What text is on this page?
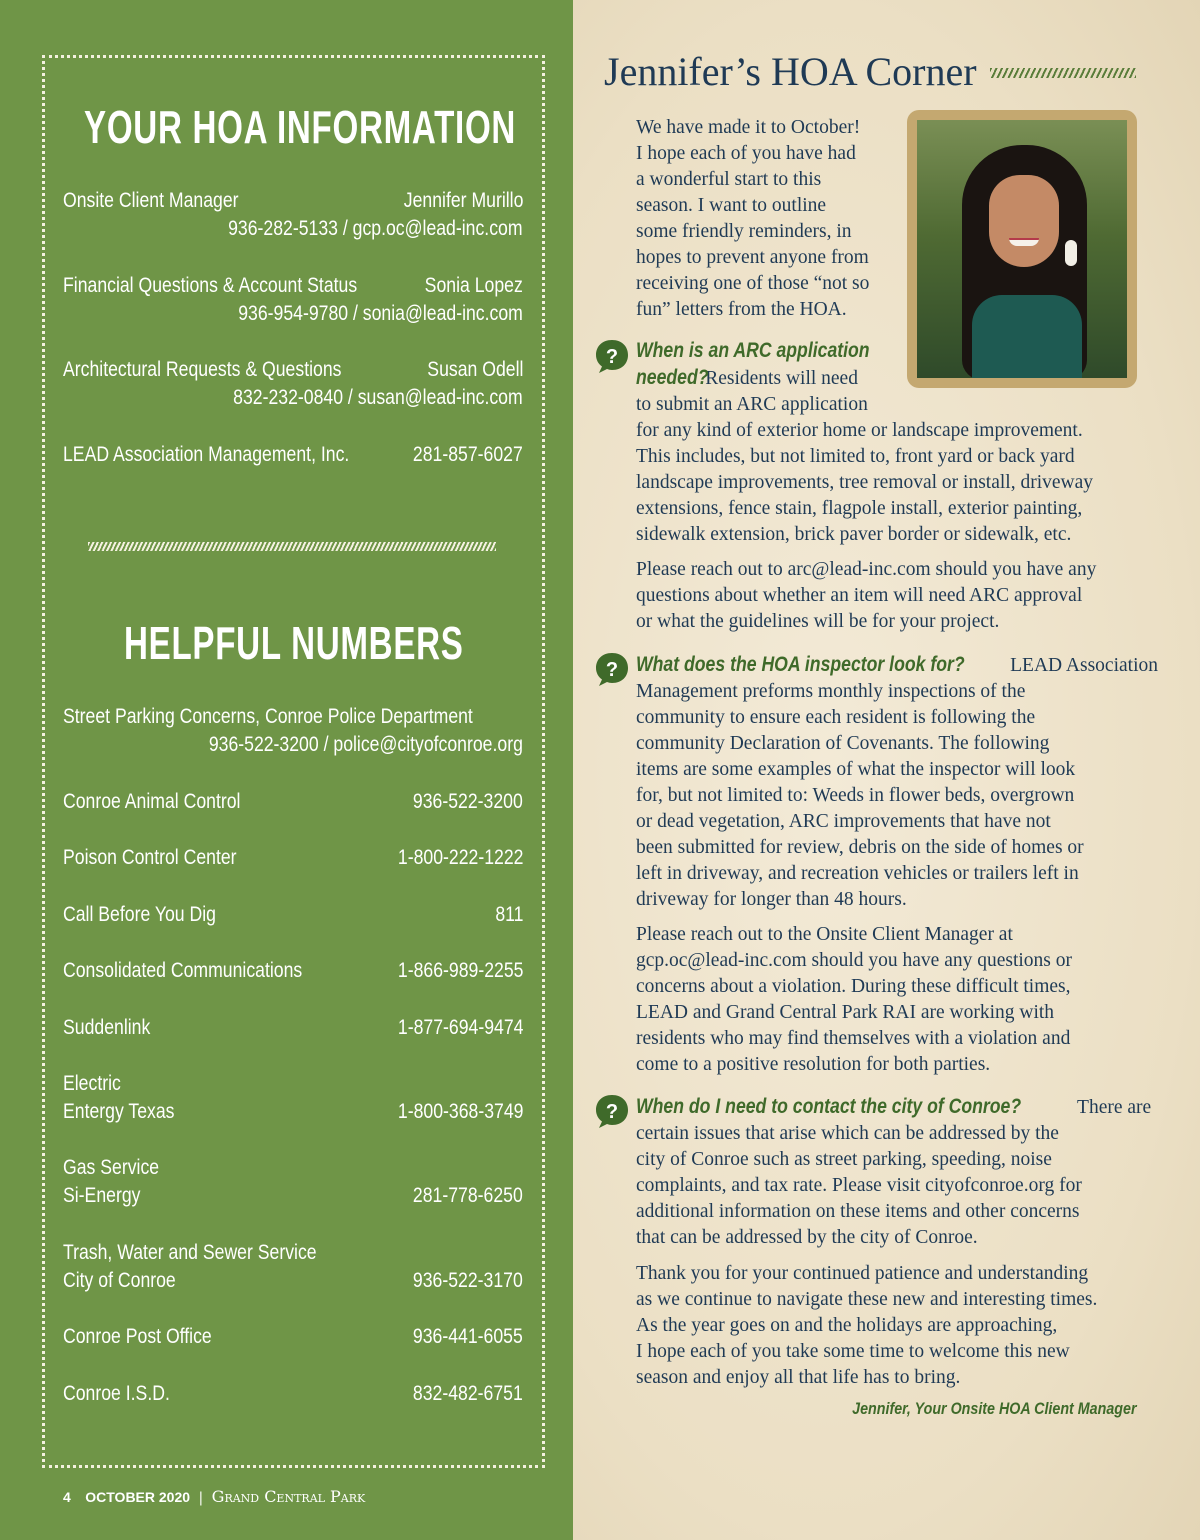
YOUR HOA INFORMATION
Onsite Client Manager	Jennifer Murillo
936-282-5133 / gcp.oc@lead-inc.com
Financial Questions & Account Status	Sonia Lopez
936-954-9780 / sonia@lead-inc.com
Architectural Requests & Questions	Susan Odell
832-232-0840 / susan@lead-inc.com
LEAD Association Management, Inc.	281-857-6027
HELPFUL NUMBERS
Street Parking Concerns, Conroe Police Department
936-522-3200 / police@cityofconroe.org
Conroe Animal Control	936-522-3200
Poison Control Center	1-800-222-1222
Call Before You Dig	811
Consolidated Communications	1-866-989-2255
Suddenlink	1-877-694-9474
Electric
Entergy Texas	1-800-368-3749
Gas Service
Si-Energy	281-778-6250
Trash, Water and Sewer Service
City of Conroe	936-522-3170
Conroe Post Office	936-441-6055
Conroe I.S.D.	832-482-6751
4 OCTOBER 2020 | Grand Central Park
Jennifer’s HOA Corner
We have made it to October!
I hope each of you have had
a wonderful start to this
season. I want to outline
some friendly reminders, in
hopes to prevent anyone from
receiving one of those “not so
fun” letters from the HOA.
? When is an ARC application
needed? Residents will need
to submit an ARC application
for any kind of exterior home or landscape improvement.
This includes, but not limited to, front yard or back yard
landscape improvements, tree removal or install, driveway
extensions, fence stain, flagpole install, exterior painting,
sidewalk extension, brick paver border or sidewalk, etc.
Please reach out to arc@lead-inc.com should you have any
questions about whether an item will need ARC approval
or what the guidelines will be for your project.
? What does the HOA inspector look for? LEAD Association
Management preforms monthly inspections of the
community to ensure each resident is following the
community Declaration of Covenants. The following
items are some examples of what the inspector will look
for, but not limited to: Weeds in flower beds, overgrown
or dead vegetation, ARC improvements that have not
been submitted for review, debris on the side of homes or
left in driveway, and recreation vehicles or trailers left in
driveway for longer than 48 hours.
Please reach out to the Onsite Client Manager at
gcp.oc@lead-inc.com should you have any questions or
concerns about a violation. During these difficult times,
LEAD and Grand Central Park RAI are working with
residents who may find themselves with a violation and
come to a positive resolution for both parties.
? When do I need to contact the city of Conroe?	There are
certain issues that arise which can be addressed by the
city of Conroe such as street parking, speeding, noise
complaints, and tax rate. Please visit cityofconroe.org for
additional information on these items and other concerns
that can be addressed by the city of Conroe.
Thank you for your continued patience and understanding
as we continue to navigate these new and interesting times.
As the year goes on and the holidays are approaching,
I hope each of you take some time to welcome this new
season and enjoy all that life has to bring.
Jennifer, Your Onsite HOA Client Manager
